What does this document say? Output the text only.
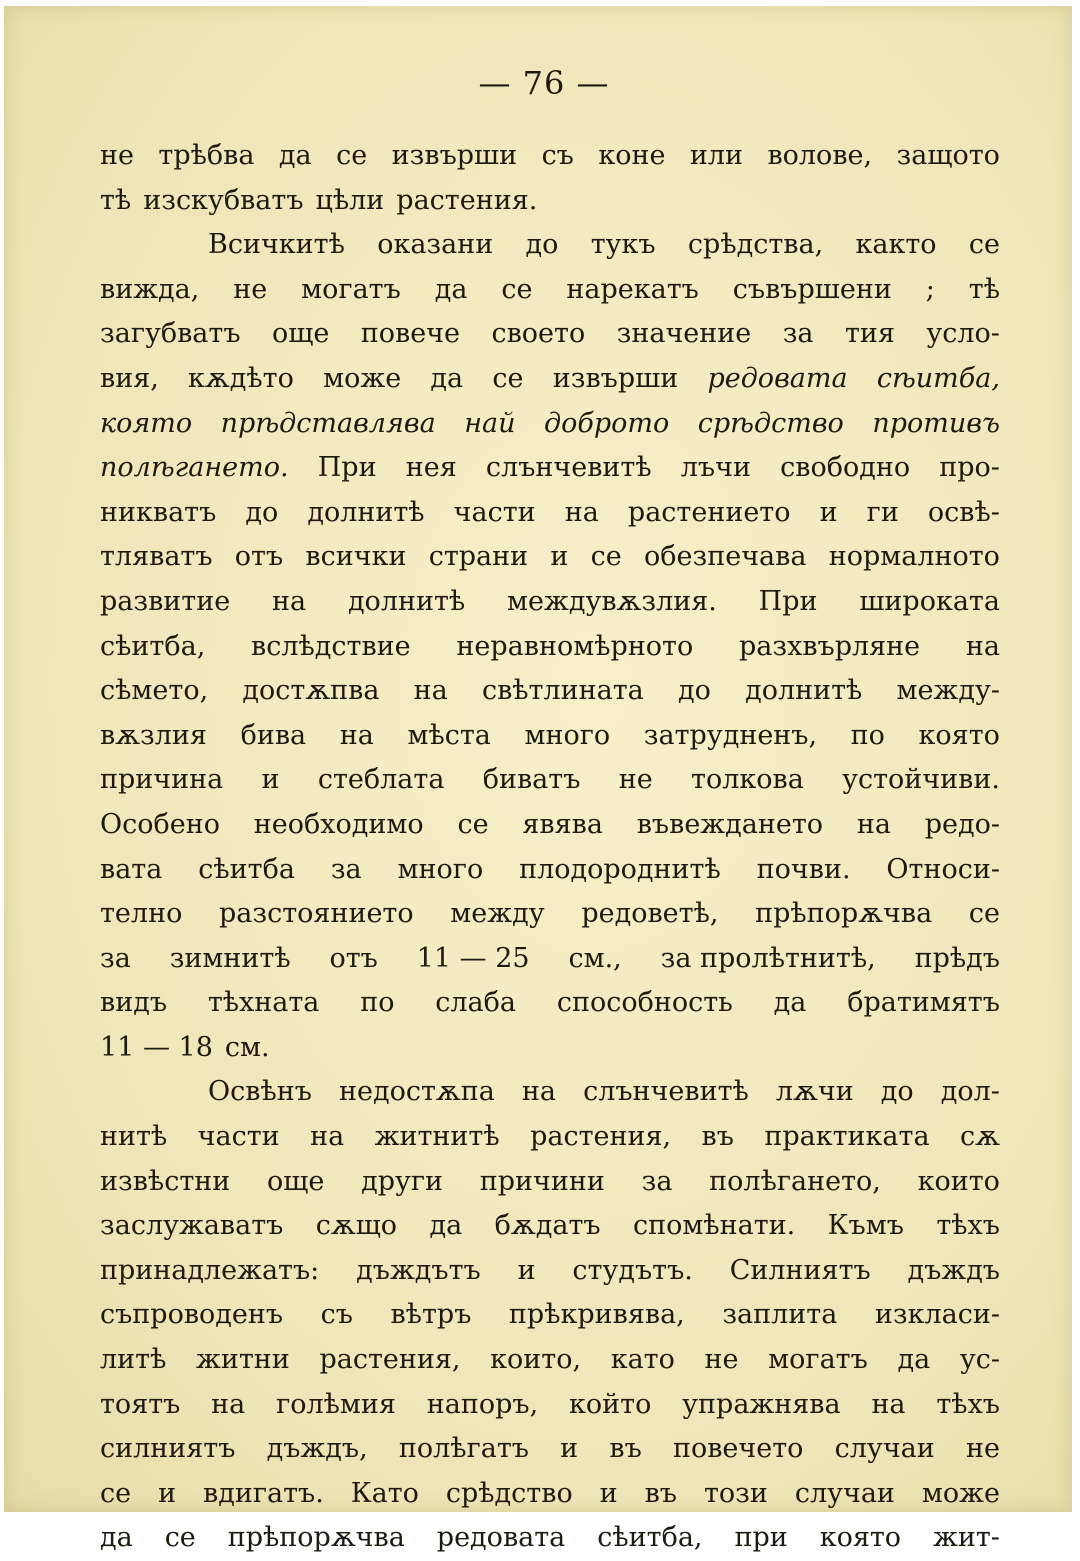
— 76 —
не трѣбва да се извърши съ коне или волове, защото
тѣ изскубватъ цѣли растения.
Всичкитѣ оказани до тукъ срѣдства, както се
вижда, не могатъ да се нарекатъ съвършени ; тѣ
загубватъ още повече своето значение за тия усло-
вия, кѫдѣто може да се извърши редовата сѣитба,
която прѣдставлява най доброто срѣдство противъ
полѣгането. При нея слънчевитѣ лъчи свободно про-
никватъ до долнитѣ части на растението и ги освѣ-
тляватъ отъ всички страни и се обезпечава нормалното
развитие на долнитѣ междувѫзлия. При широката
сѣитба, вслѣдствие неравномѣрното разхвърляне на
сѣмето, достѫпва на свѣтлината до долнитѣ между-
вѫзлия бива на мѣста много затрудненъ, по която
причина и стеблата биватъ не толкова устойчиви.
Особено необходимо се явява въвеждането на редо-
вата сѣитба за много плодороднитѣ почви. Относи-
телно разстоянието между редоветѣ, прѣпорѫчва се
за зимнитѣ отъ 11 — 25 см., за пролѣтнитѣ, прѣдъ
видъ тѣхната по слаба способность да братимятъ
11 — 18 см.
Освѣнъ недостѫпа на слънчевитѣ лѫчи до дол-
нитѣ части на житнитѣ растения, въ практиката сѫ
извѣстни още други причини за полѣгането, които
заслужаватъ сѫщо да бѫдатъ спомѣнати. Къмъ тѣхъ
принадлежатъ: дъждътъ и студътъ. Силниятъ дъждъ
съпроводенъ съ вѣтръ прѣкривява, заплита изкласи-
литѣ житни растения, които, като не могатъ да ус-
тоятъ на голѣмия напоръ, който упражнява на тѣхъ
силниятъ дъждъ, полѣгатъ и въ повечето случаи не
се и вдигатъ. Като срѣдство и въ този случаи може
да се прѣпорѫчва редовата сѣитба, при която жит-
